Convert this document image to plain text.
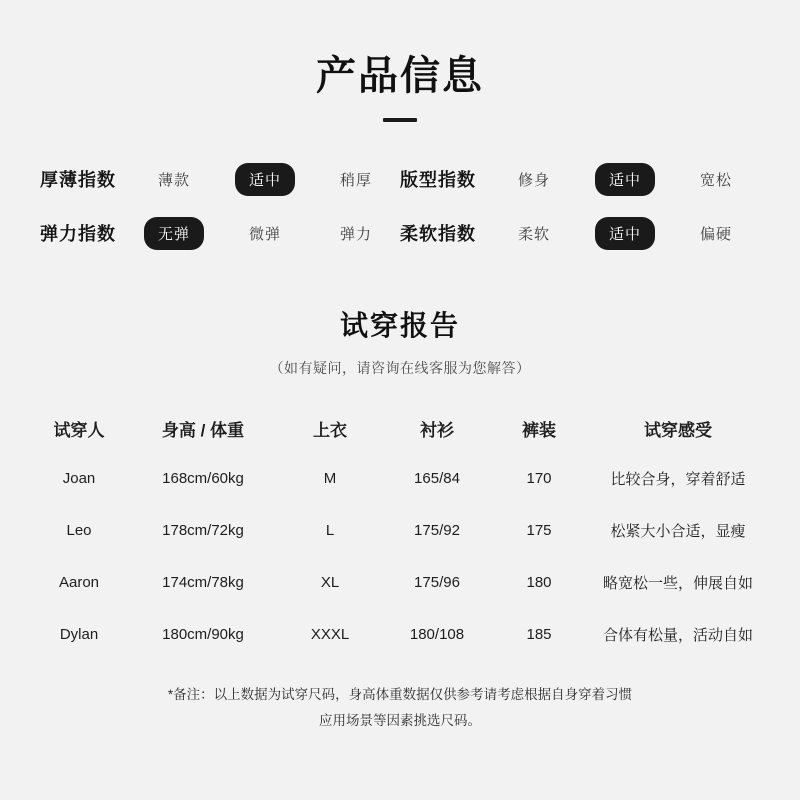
产品信息
厚薄指数	薄款	适中	稍厚	版型指数	修身	适中	宽松
弹力指数	无弹	微弹	弹力	柔软指数	柔软	适中	偏硬
试穿报告
（如有疑问，请咨询在线客服为您解答）
试穿人	身高 / 体重	上衣	衬衫	裤装	试穿感受
Joan	168cm/60kg	M	165/84	170	比较合身，穿着舒适
Leo	178cm/72kg	L	175/92	175	松紧大小合适，显瘦
Aaron	174cm/78kg	XL	175/96	180	略宽松一些，伸展自如
Dylan	180cm/90kg	XXXL	180/108	185	合体有松量，活动自如
*备注：以上数据为试穿尺码，身高体重数据仅供参考请考虑根据自身穿着习惯
应用场景等因素挑选尺码。
